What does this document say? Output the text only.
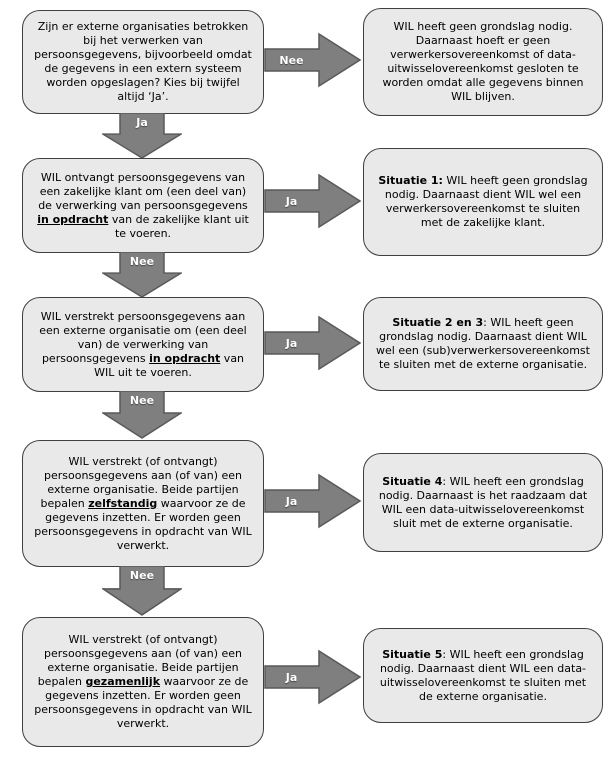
Zijn er externe organisaties betrokken bij het verwerken van persoonsgegevens, bijvoorbeeld omdat de gegevens in een extern systeem worden opgeslagen? Kies bij twijfel altijd ‘Ja’.
Nee
WIL heeft geen grondslag nodig. Daarnaast hoeft er geen verwerkersovereenkomst of data-uitwisselovereenkomst gesloten te worden omdat alle gegevens binnen WIL blijven.
Ja
WIL ontvangt persoonsgegevens van een zakelijke klant om (een deel van) de verwerking van persoonsgegevens in opdracht van de zakelijke klant uit te voeren.
Ja
Situatie 1: WIL heeft geen grondslag nodig. Daarnaast dient WIL wel een verwerkersovereenkomst te sluiten met de zakelijke klant.
Nee
WIL verstrekt persoonsgegevens aan een externe organisatie om (een deel van) de verwerking van persoonsgegevens in opdracht van WIL uit te voeren.
Ja
Situatie 2 en 3: WIL heeft geen grondslag nodig. Daarnaast dient WIL wel een (sub)verwerkersovereenkomst te sluiten met de externe organisatie.
Nee
WIL verstrekt (of ontvangt) persoonsgegevens aan (of van) een externe organisatie. Beide partijen bepalen zelfstandig waarvoor ze de gegevens inzetten. Er worden geen persoonsgegevens in opdracht van WIL verwerkt.
Ja
Situatie 4: WIL heeft een grondslag nodig. Daarnaast is het raadzaam dat WIL een data-uitwisselovereenkomst sluit met de externe organisatie.
Nee
WIL verstrekt (of ontvangt) persoonsgegevens aan (of van) een externe organisatie. Beide partijen bepalen gezamenlijk waarvoor ze de gegevens inzetten. Er worden geen persoonsgegevens in opdracht van WIL verwerkt.
Ja
Situatie 5: WIL heeft een grondslag nodig. Daarnaast dient WIL een data-uitwisselovereenkomst te sluiten met de externe organisatie.
